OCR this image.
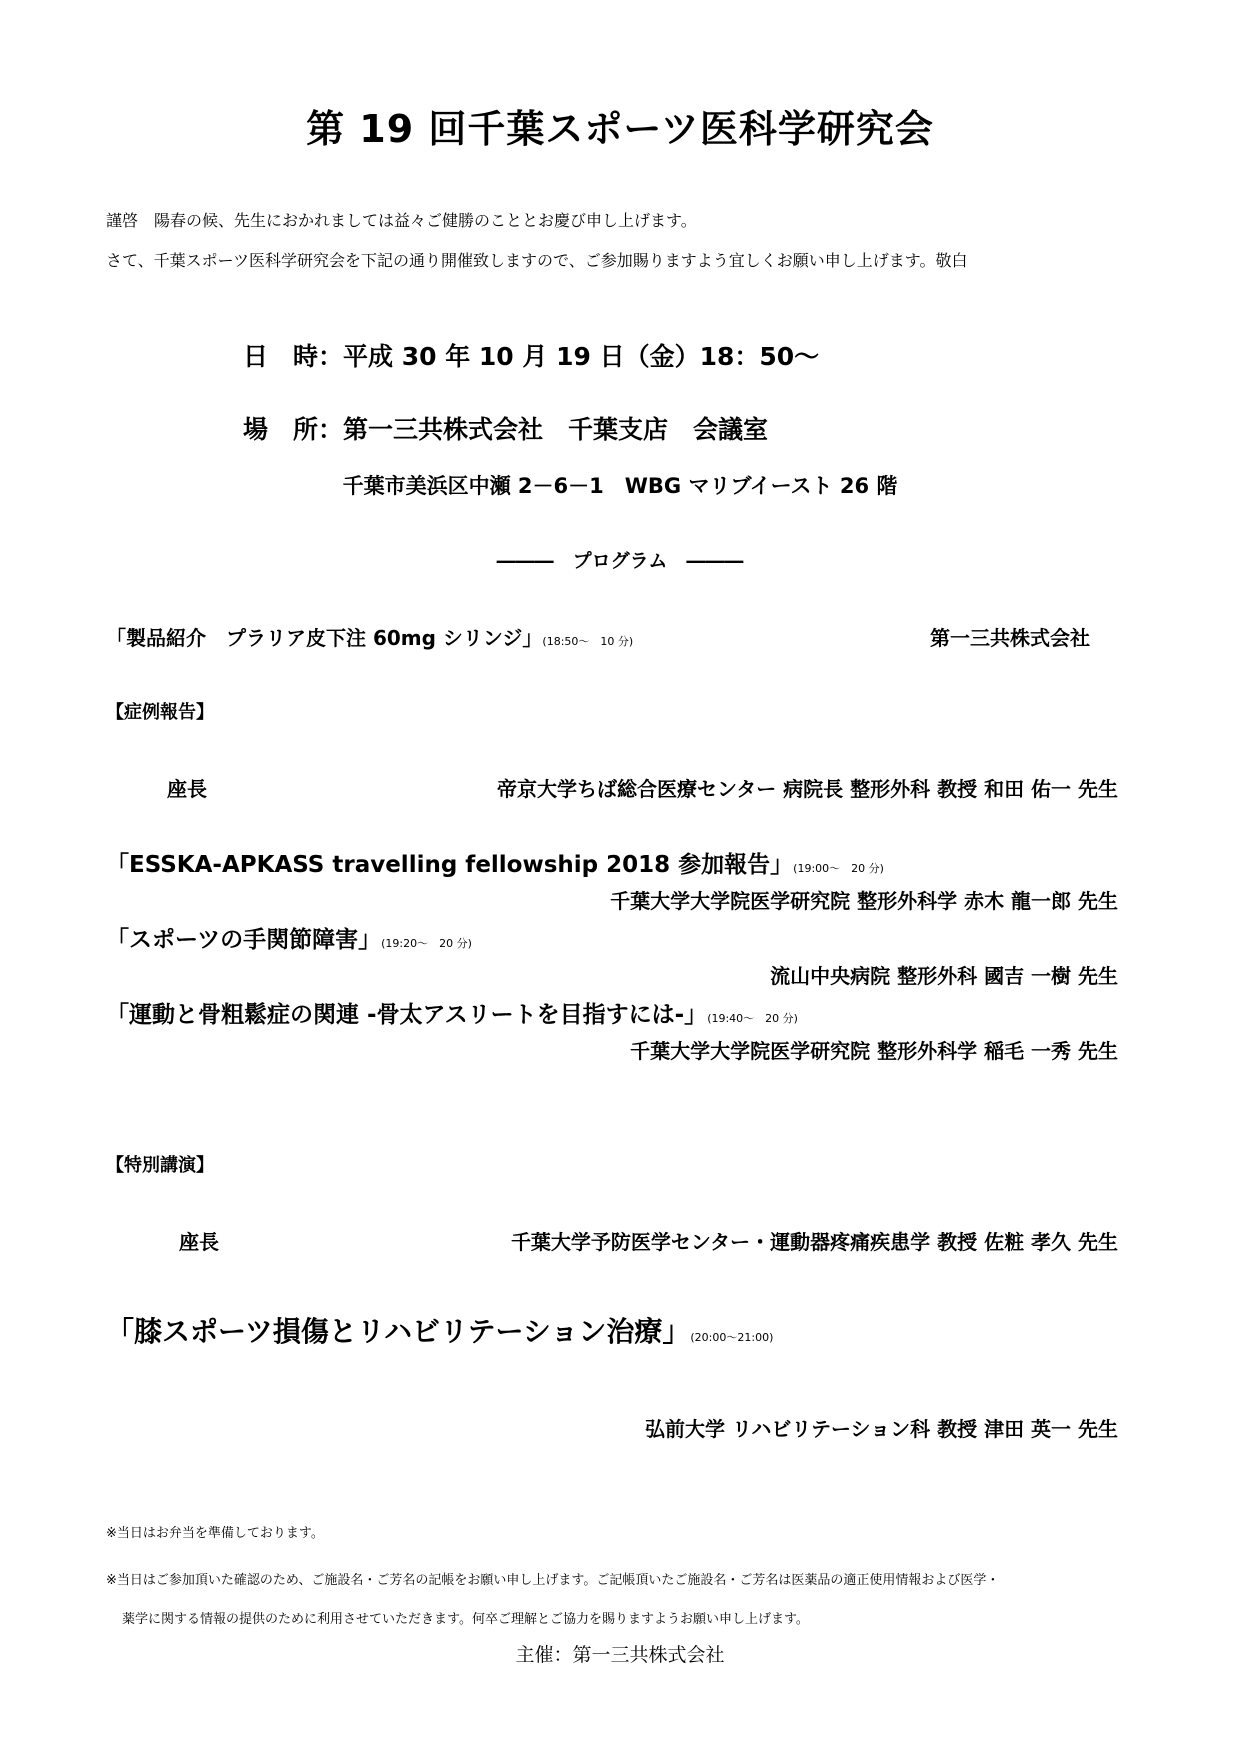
第 19 回千葉スポーツ医科学研究会
謹啓　陽春の候、先生におかれましては益々ご健勝のこととお慶び申し上げます。
さて、千葉スポーツ医科学研究会を下記の通り開催致しますので、ご参加賜りますよう宜しくお願い申し上げます。敬白
日　時：平成 30 年 10 月 19 日（金）18：50～
場　所：第一三共株式会社　千葉支店　会議室
千葉市美浜区中瀬 2－6－1　WBG マリブイースト 26 階
―――　プログラム　―――
「製品紹介　プラリア皮下注 60mg シリンジ」(18:50～　10 分)	第一三共株式会社
【症例報告】
座長	帝京大学ちば総合医療センター 病院長 整形外科 教授 和田 佑一 先生
「ESSKA-APKASS travelling fellowship 2018 参加報告」(19:00～　20 分)
千葉大学大学院医学研究院 整形外科学 赤木 龍一郎 先生
「スポーツの手関節障害」(19:20～　20 分)
流山中央病院 整形外科 國吉 一樹 先生
「運動と骨粗鬆症の関連 -骨太アスリートを目指すには-」(19:40～　20 分)
千葉大学大学院医学研究院 整形外科学 稲毛 一秀 先生
【特別講演】
座長	千葉大学予防医学センター・運動器疼痛疾患学 教授 佐粧 孝久 先生
「膝スポーツ損傷とリハビリテーション治療」(20:00～21:00)
弘前大学 リハビリテーション科 教授 津田 英一 先生
※当日はお弁当を準備しております。
※当日はご参加頂いた確認のため、ご施設名・ご芳名の記帳をお願い申し上げます。ご記帳頂いたご施設名・ご芳名は医薬品の適正使用情報および医学・
薬学に関する情報の提供のために利用させていただきます。何卒ご理解とご協力を賜りますようお願い申し上げます。
主催：第一三共株式会社
